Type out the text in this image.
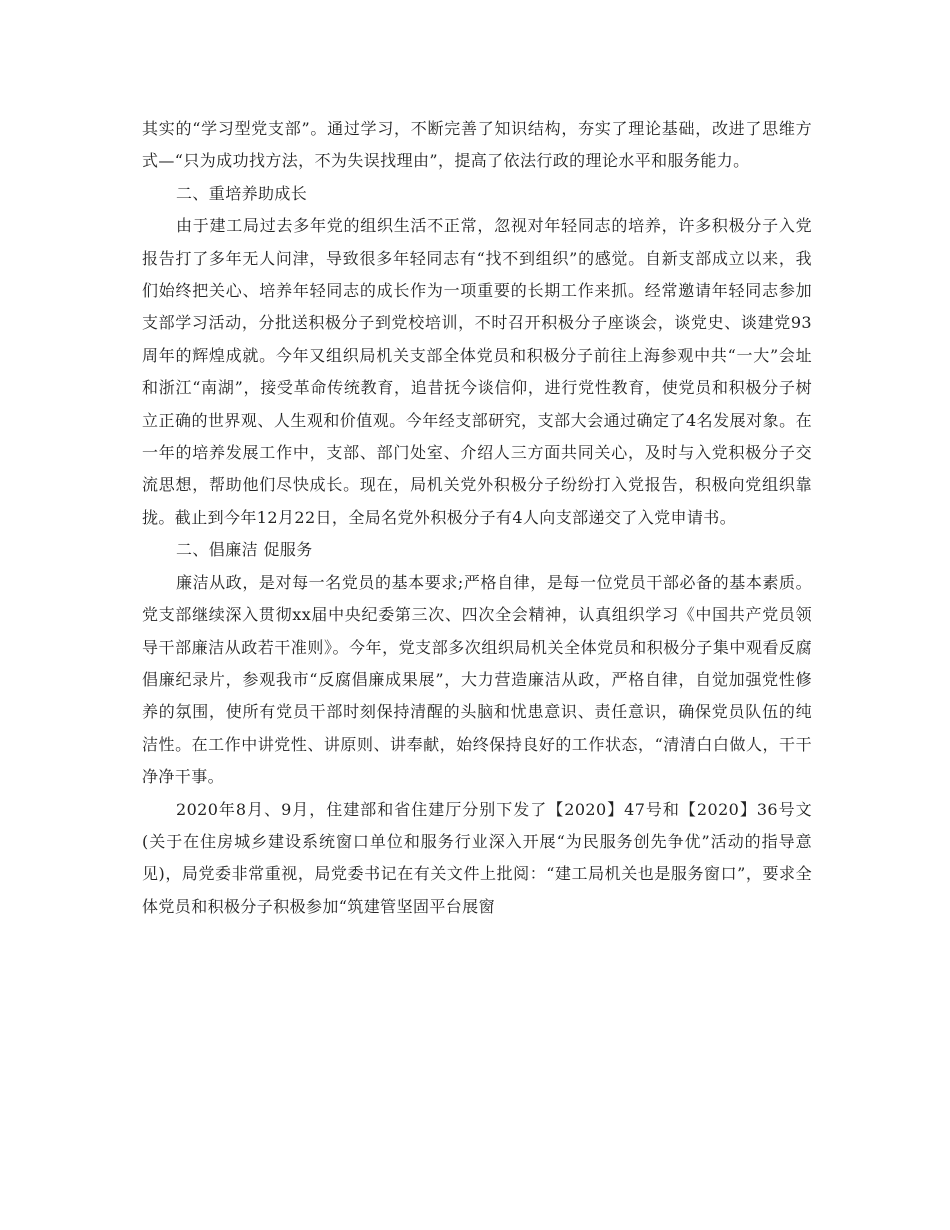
其实的“学习型党支部”。通过学习，不断完善了知识结构，夯实了理论基础，改进了思维方式—“只为成功找方法，不为失误找理由”，提高了依法行政的理论水平和服务能力。

二、重培养助成长

由于建工局过去多年党的组织生活不正常，忽视对年轻同志的培养，许多积极分子入党报告打了多年无人问津，导致很多年轻同志有“找不到组织”的感觉。自新支部成立以来，我们始终把关心、培养年轻同志的成长作为一项重要的长期工作来抓。经常邀请年轻同志参加支部学习活动，分批送积极分子到党校培训，不时召开积极分子座谈会，谈党史、谈建党93周年的辉煌成就。今年又组织局机关支部全体党员和积极分子前往上海参观中共“一大”会址和浙江“南湖”，接受革命传统教育，追昔抚今谈信仰，进行党性教育，使党员和积极分子树立正确的世界观、人生观和价值观。今年经支部研究，支部大会通过确定了4名发展对象。在一年的培养发展工作中，支部、部门处室、介绍人三方面共同关心，及时与入党积极分子交流思想，帮助他们尽快成长。现在，局机关党外积极分子纷纷打入党报告，积极向党组织靠拢。截止到今年12月22日，全局名党外积极分子有4人向支部递交了入党申请书。

二、倡廉洁 促服务

廉洁从政，是对每一名党员的基本要求;严格自律，是每一位党员干部必备的基本素质。党支部继续深入贯彻xx届中央纪委第三次、四次全会精神，认真组织学习《中国共产党员领导干部廉洁从政若干准则》。今年，党支部多次组织局机关全体党员和积极分子集中观看反腐倡廉纪录片，参观我市“反腐倡廉成果展”，大力营造廉洁从政，严格自律，自觉加强党性修养的氛围，使所有党员干部时刻保持清醒的头脑和忧患意识、责任意识，确保党员队伍的纯洁性。在工作中讲党性、讲原则、讲奉献，始终保持良好的工作状态，“清清白白做人，干干净净干事。

2020年8月、9月，住建部和省住建厅分别下发了【2020】47号和【2020】36号文(关于在住房城乡建设系统窗口单位和服务行业深入开展“为民服务创先争优”活动的指导意见)，局党委非常重视，局党委书记在有关文件上批阅：“建工局机关也是服务窗口”，要求全体党员和积极分子积极参加“筑建管坚固平台展窗
